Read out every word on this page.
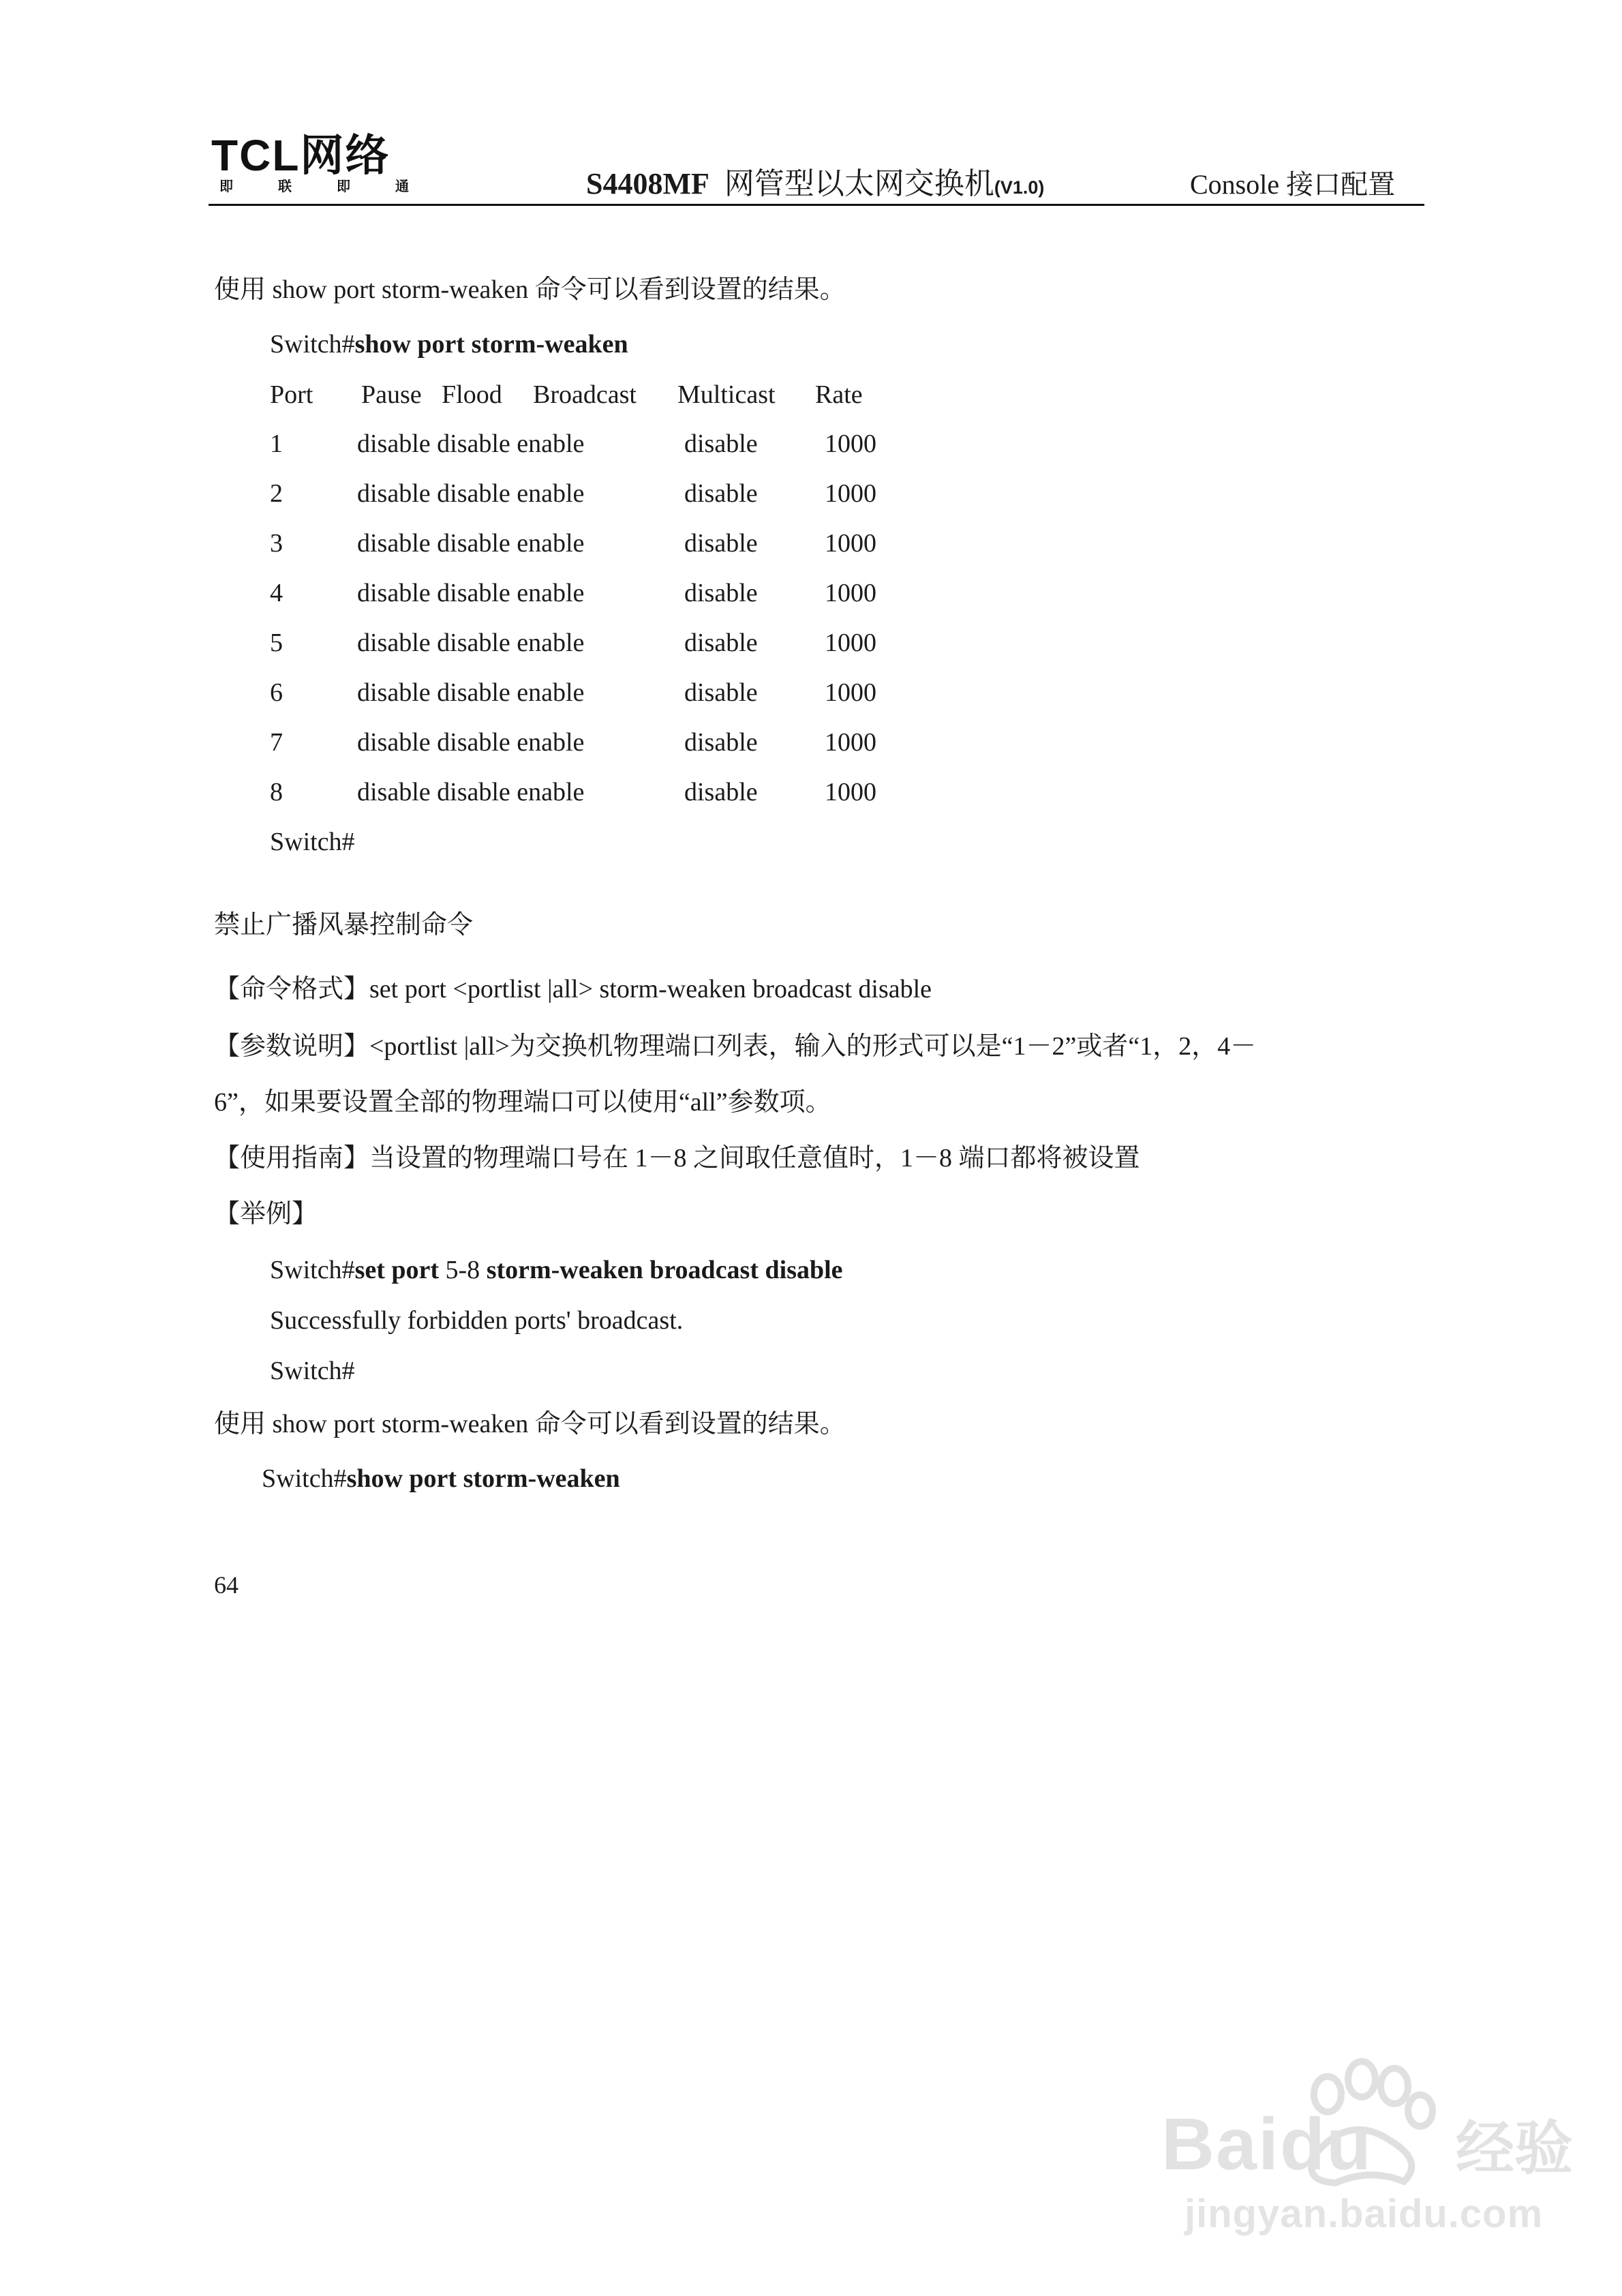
TCL网络
即联即通	S4408MF 网管型以太网交换机(V1.0)	Console 接口配置
使用 show port storm-weaken 命令可以看到设置的结果。
Switch#show port storm-weaken
Port Pause Flood Broadcast Multicast Rate
1	disable disable enable	disable	1000
2	disable disable enable	disable	1000
3	disable disable enable	disable	1000
4	disable disable enable	disable	1000
5	disable disable enable	disable	1000
6	disable disable enable	disable	1000
7	disable disable enable	disable	1000
8	disable disable enable	disable	1000
Switch#
禁止广播风暴控制命令
【命令格式】set port <portlist |all> storm-weaken broadcast disable
【参数说明】<portlist |all>为交换机物理端口列表，输入的形式可以是“1－2”或者“1，2，4－
6”，如果要设置全部的物理端口可以使用“all”参数项。
【使用指南】当设置的物理端口号在 1－8 之间取任意值时，1－8 端口都将被设置
【举例】
Switch#set port 5-8 storm-weaken broadcast disable
Successfully forbidden ports' broadcast.
Switch#
使用 show port storm-weaken 命令可以看到设置的结果。
Switch#show port storm-weaken
64
Baidu 经验
jingyan.baidu.com
